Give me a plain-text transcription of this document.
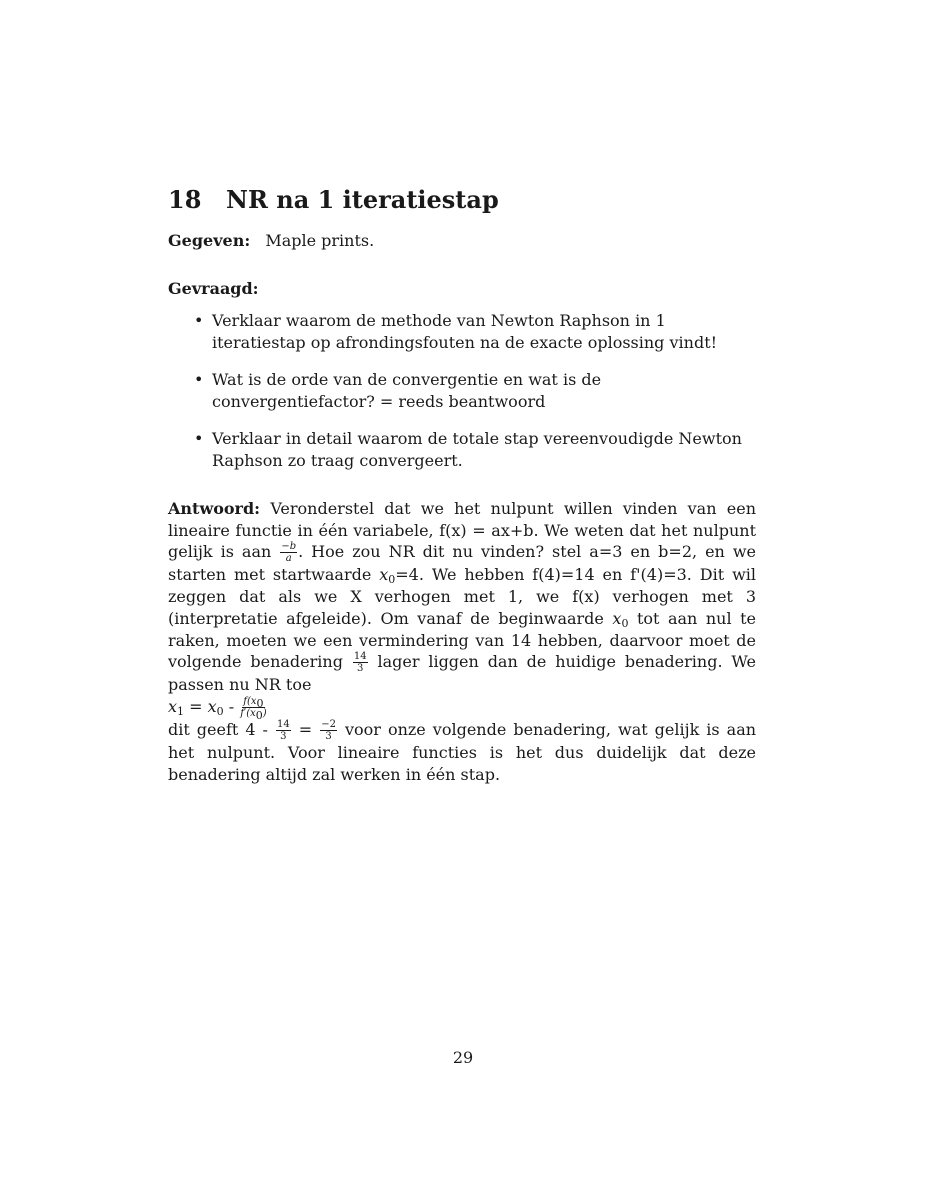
18 NR na 1 iteratiestap
Gegeven: Maple prints.
Gevraagd:
• Verklaar waarom de methode van Newton Raphson in 1 iteratiestap op afrondingsfouten na de exacte oplossing vindt!
• Wat is de orde van de convergentie en wat is de convergentiefactor? = reeds beantwoord
• Verklaar in detail waarom de totale stap vereenvoudigde Newton Raphson zo traag convergeert.
Antwoord: Veronderstel dat we het nulpunt willen vinden van een lineaire functie in één variabele, f(x) = ax+b. We weten dat het nulpunt gelijk is aan $\frac{-b}{a}$ . Hoe zou NR dit nu vinden? stel a=3 en b=2, en we starten met startwaarde $x_0=4$. We hebben f(4)=14 en f'(4)=3. Dit wil zeggen dat als we X verhogen met 1, we f(x) verhogen met 3 (interpretatie afgeleide). Om vanaf de beginwaarde $x_0$ tot aan nul te raken, moeten we een vermindering van 14 hebben, daarvoor moet de volgende benadering $\frac{14}{3}$ lager liggen dan de huidige benadering. We passen nu NR toe
$x_1 = x_0 - \frac{f(x_0}{f'(x_0)}$
dit geeft $4 - \frac{14}{3} = \frac{-2}{3}$ voor onze volgende benadering, wat gelijk is aan het nulpunt. Voor lineaire functies is het dus duidelijk dat deze benadering altijd zal werken in één stap.
29
